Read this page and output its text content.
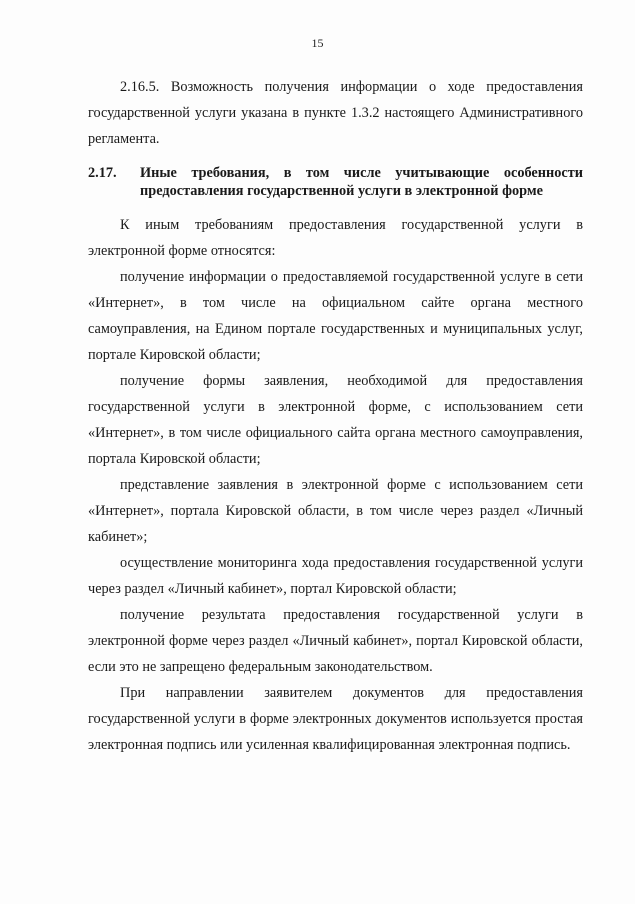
15

2.16.5. Возможность получения информации о ходе предоставления государственной услуги указана в пункте 1.3.2 настоящего Административного регламента.

2.17.	Иные требования, в том числе учитывающие особенности предоставления государственной услуги в электронной форме

К иным требованиям предоставления государственной услуги в электронной форме относятся:

получение информации о предоставляемой государственной услуге в сети «Интернет», в том числе на официальном сайте органа местного самоуправления, на Едином портале государственных и муниципальных услуг, портале Кировской области;

получение формы заявления, необходимой для предоставления государственной услуги в электронной форме, с использованием сети «Интернет», в том числе официального сайта органа местного самоуправления, портала Кировской области;

представление заявления в электронной форме с использованием сети «Интернет», портала Кировской области, в том числе через раздел «Личный кабинет»;

осуществление мониторинга хода предоставления государственной услуги через раздел «Личный кабинет», портал Кировской области;

получение результата предоставления государственной услуги в электронной форме через раздел «Личный кабинет», портал Кировской области, если это не запрещено федеральным законодательством.

При направлении заявителем документов для предоставления государственной услуги в форме электронных документов используется простая электронная подпись или усиленная квалифицированная электронная подпись.
